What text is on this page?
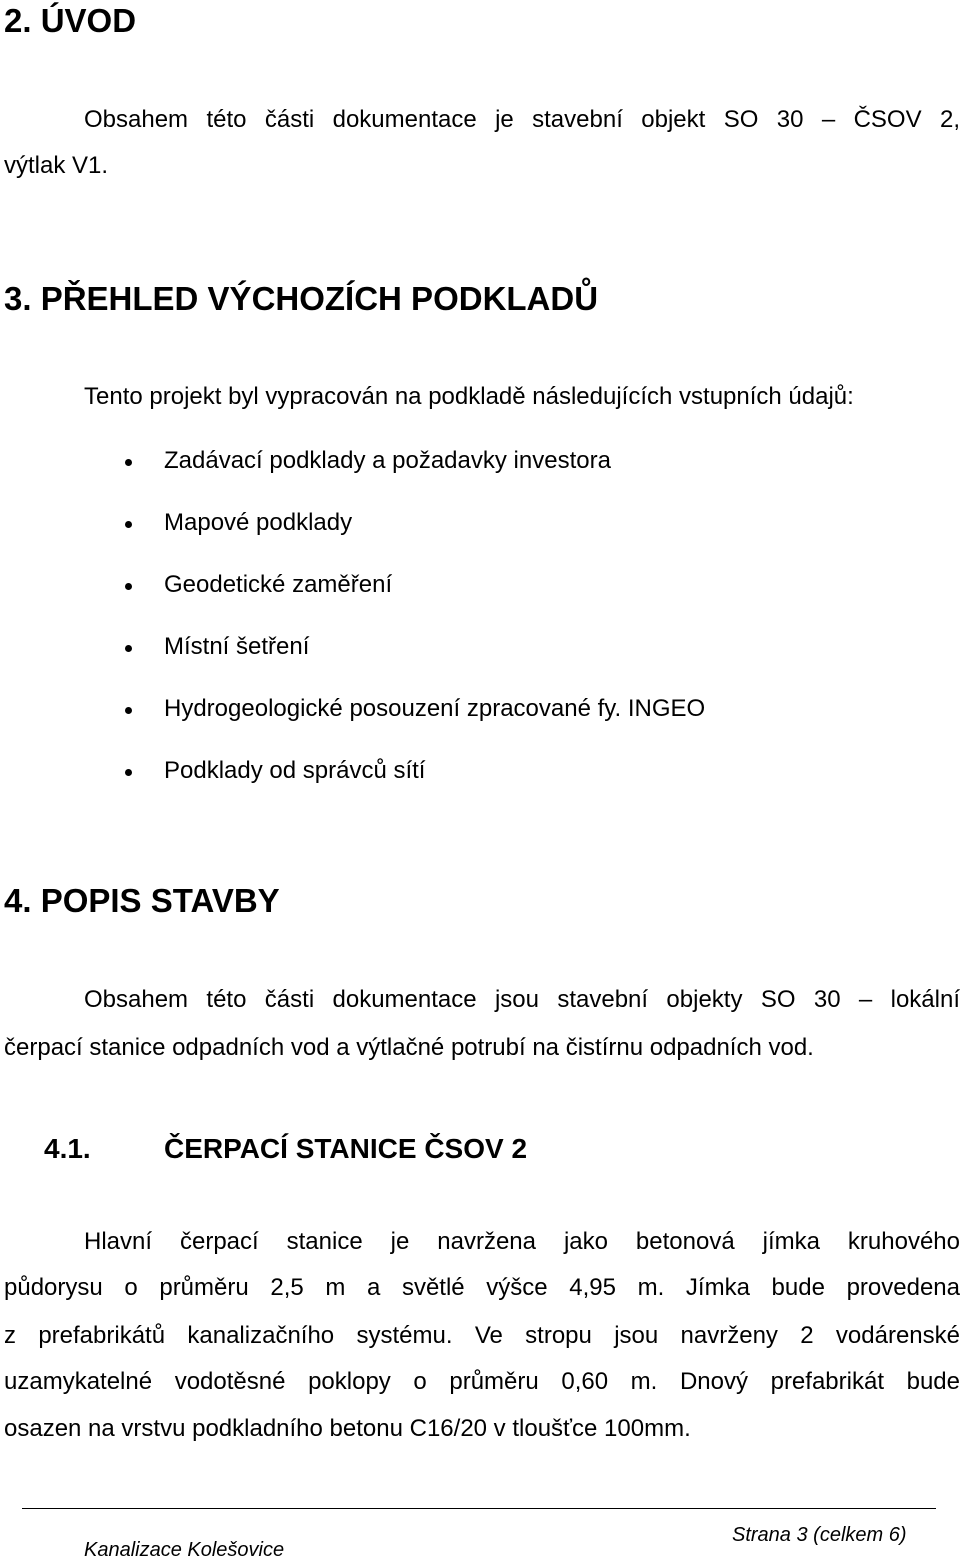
2. ÚVOD
Obsahem této části dokumentace je stavební objekt SO 30 – ČSOV 2,
výtlak V1.
3. PŘEHLED VÝCHOZÍCH PODKLADŮ
Tento projekt byl vypracován na podkladě následujících vstupních údajů:
Zadávací podklady a požadavky investora
Mapové podklady
Geodetické zaměření
Místní šetření
Hydrogeologické posouzení zpracované fy. INGEO
Podklady od správců sítí
4. POPIS STAVBY
Obsahem této části dokumentace jsou stavební objekty SO 30 – lokální
čerpací stanice odpadních vod a výtlačné potrubí na čistírnu odpadních vod.
4.1.	ČERPACÍ STANICE ČSOV 2
Hlavní čerpací stanice je navržena jako betonová jímka kruhového
půdorysu o průměru 2,5 m a světlé výšce 4,95 m. Jímka bude provedena
z prefabrikátů kanalizačního systému. Ve stropu jsou navrženy 2 vodárenské
uzamykatelné vodotěsné poklopy o průměru 0,60 m. Dnový prefabrikát bude
osazen na vrstvu podkladního betonu C16/20 v tloušťce 100mm.
Strana 3 (celkem 6)
Kanalizace Kolešovice
